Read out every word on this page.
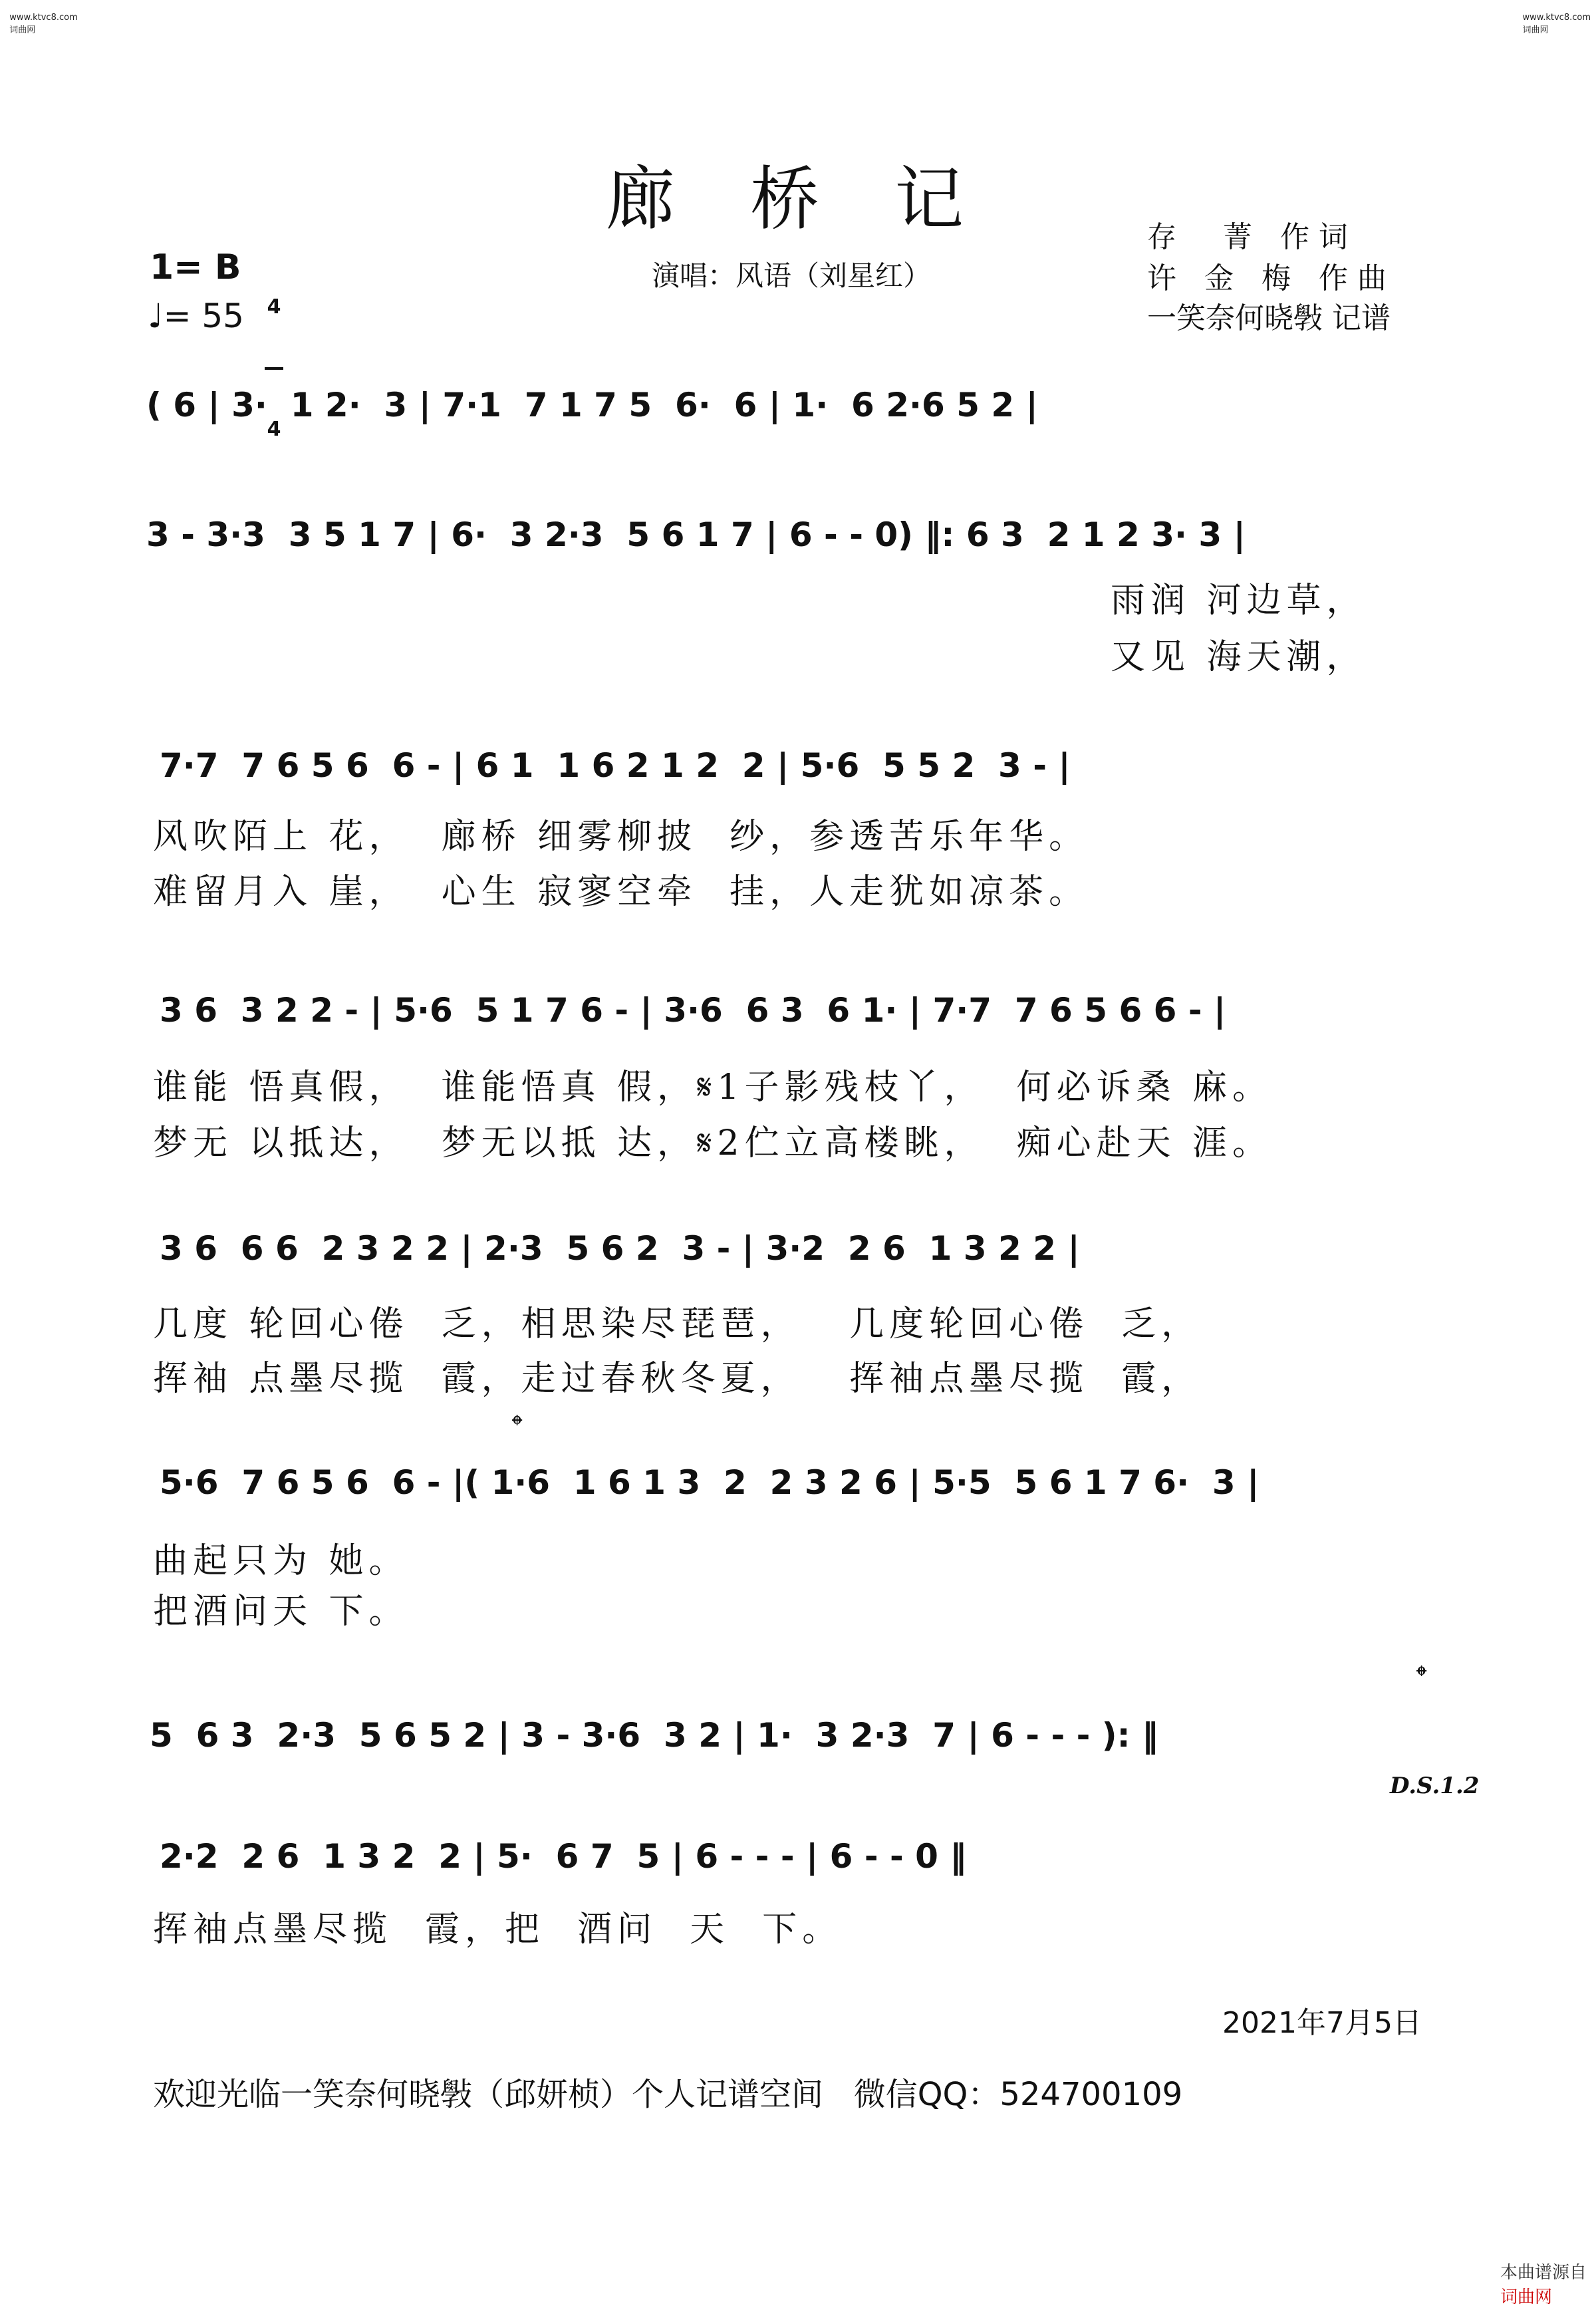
www.ktvc8.com
词曲网

www.ktvc8.com
词曲网

廊 桥 记
1= B

4

4

♩= 55
演唱：风语（刘星红）
存  菁 作词
许 金 梅 作曲
一笑奈何晓斅 记谱
( 6 | 3·  1 2·  3 | 7·1  7 1 7 5  6·  6 | 1·  6 2·6 5 2 |
3 - 3·3  3 5 1 7 | 6·  3 2·3  5 6 1 7 | 6 - - 0) ‖: 6 3  2 1 2 3· 3 |
雨润 河边草，
又见 海天潮，
7·7  7 6 5 6  6 - | 6 1  1 6 2 1 2  2 | 5·6  5 5 2  3 - |
风吹陌上 花，  廊桥 细雾柳披  纱，参透苦乐年华。
难留月入 崖，  心生 寂寥空牵  挂，人走犹如凉茶。
3 6  3 2 2 - | 5·6  5 1 7 6 - | 3·6  6 3  6 1· | 7·7  7 6 5 6 6 - |
谁能 悟真假，  谁能悟真 假，𝄋1子影残枝丫，  何必诉桑 麻。
梦无 以抵达，  梦无以抵 达，𝄋2伫立高楼眺，  痴心赴天 涯。
3 6  6 6  2 3 2 2 | 2·3  5 6 2  3 - | 3·2  2 6  1 3 2 2 |
几度 轮回心倦  乏，相思染尽琵琶，   几度轮回心倦  乏，
挥袖 点墨尽揽  霞，走过春秋冬夏，   挥袖点墨尽揽  霞，
𝄌
5·6  7 6 5 6  6 - |( 1·6  1 6 1 3  2  2 3 2 6 | 5·5  5 6 1 7 6·  3 |
曲起只为 她。
把酒问天 下。
𝄌
5  6 3  2·3  5 6 5 2 | 3 - 3·6  3 2 | 1·  3 2·3  7 | 6 - - - ): ‖
D.S.1.2
2·2  2 6  1 3 2  2 | 5·  6 7  5 | 6 - - - | 6 - - 0 ‖
挥袖点墨尽揽  霞，把  酒问  天  下。
2021年7月5日
欢迎光临一笑奈何晓斅（邱妍桢）个人记谱空间   微信QQ：524700109

本曲谱源自
词曲网
